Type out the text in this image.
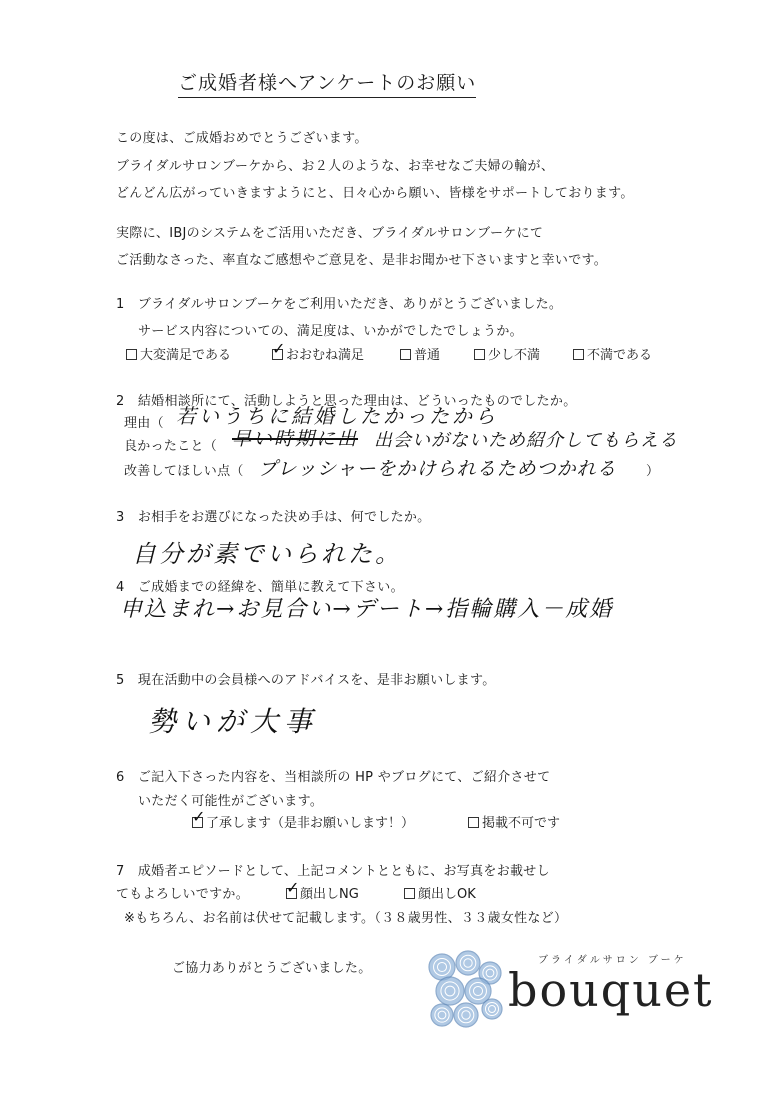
ご成婚者様へアンケートのお願い
この度は、ご成婚おめでとうございます。
ブライダルサロンブーケから、お２人のような、お幸せなご夫婦の輪が、
どんどん広がっていきますようにと、日々心から願い、皆様をサポートしております。
実際に、IBJのシステムをご活用いただき、ブライダルサロンブーケにて
ご活動なさった、率直なご感想やご意見を、是非お聞かせ下さいますと幸いです。
1　ブライダルサロンブーケをご利用いただき、ありがとうございました。
サービス内容についての、満足度は、いかがでしたでしょうか。
大変満足である	✓ おおむね満足	普通	少し不満	不満である
2　結婚相談所にて、活動しようと思った理由は、どういったものでしたか。
理由（ 若いうちに結婚したかったから
良かったこと（ 早い時期に出 出会いがないため紹介してもらえる
改善してほしい点（ プレッシャーをかけられるためつかれる ）
3　お相手をお選びになった決め手は、何でしたか。
自分が素でいられた。
4　ご成婚までの経緯を、簡単に教えて下さい。
申込まれ→お見合い→デート→指輪購入－成婚
5　現在活動中の会員様へのアドバイスを、是非お願いします。
勢いが大事
6　ご記入下さった内容を、当相談所の HP やブログにて、ご紹介させて
いただく可能性がございます。
✓ 了承します（是非お願いします！）	掲載不可です
7　成婚者エピソードとして、上記コメントとともに、お写真をお載せし
てもよろしいですか。 ✓ 顔出しNG	顔出しOK
※もちろん、お名前は伏せて記載します。（３８歳男性、３３歳女性など）
ご協力ありがとうございました。
ブライダルサロン ブーケ
bouquet
